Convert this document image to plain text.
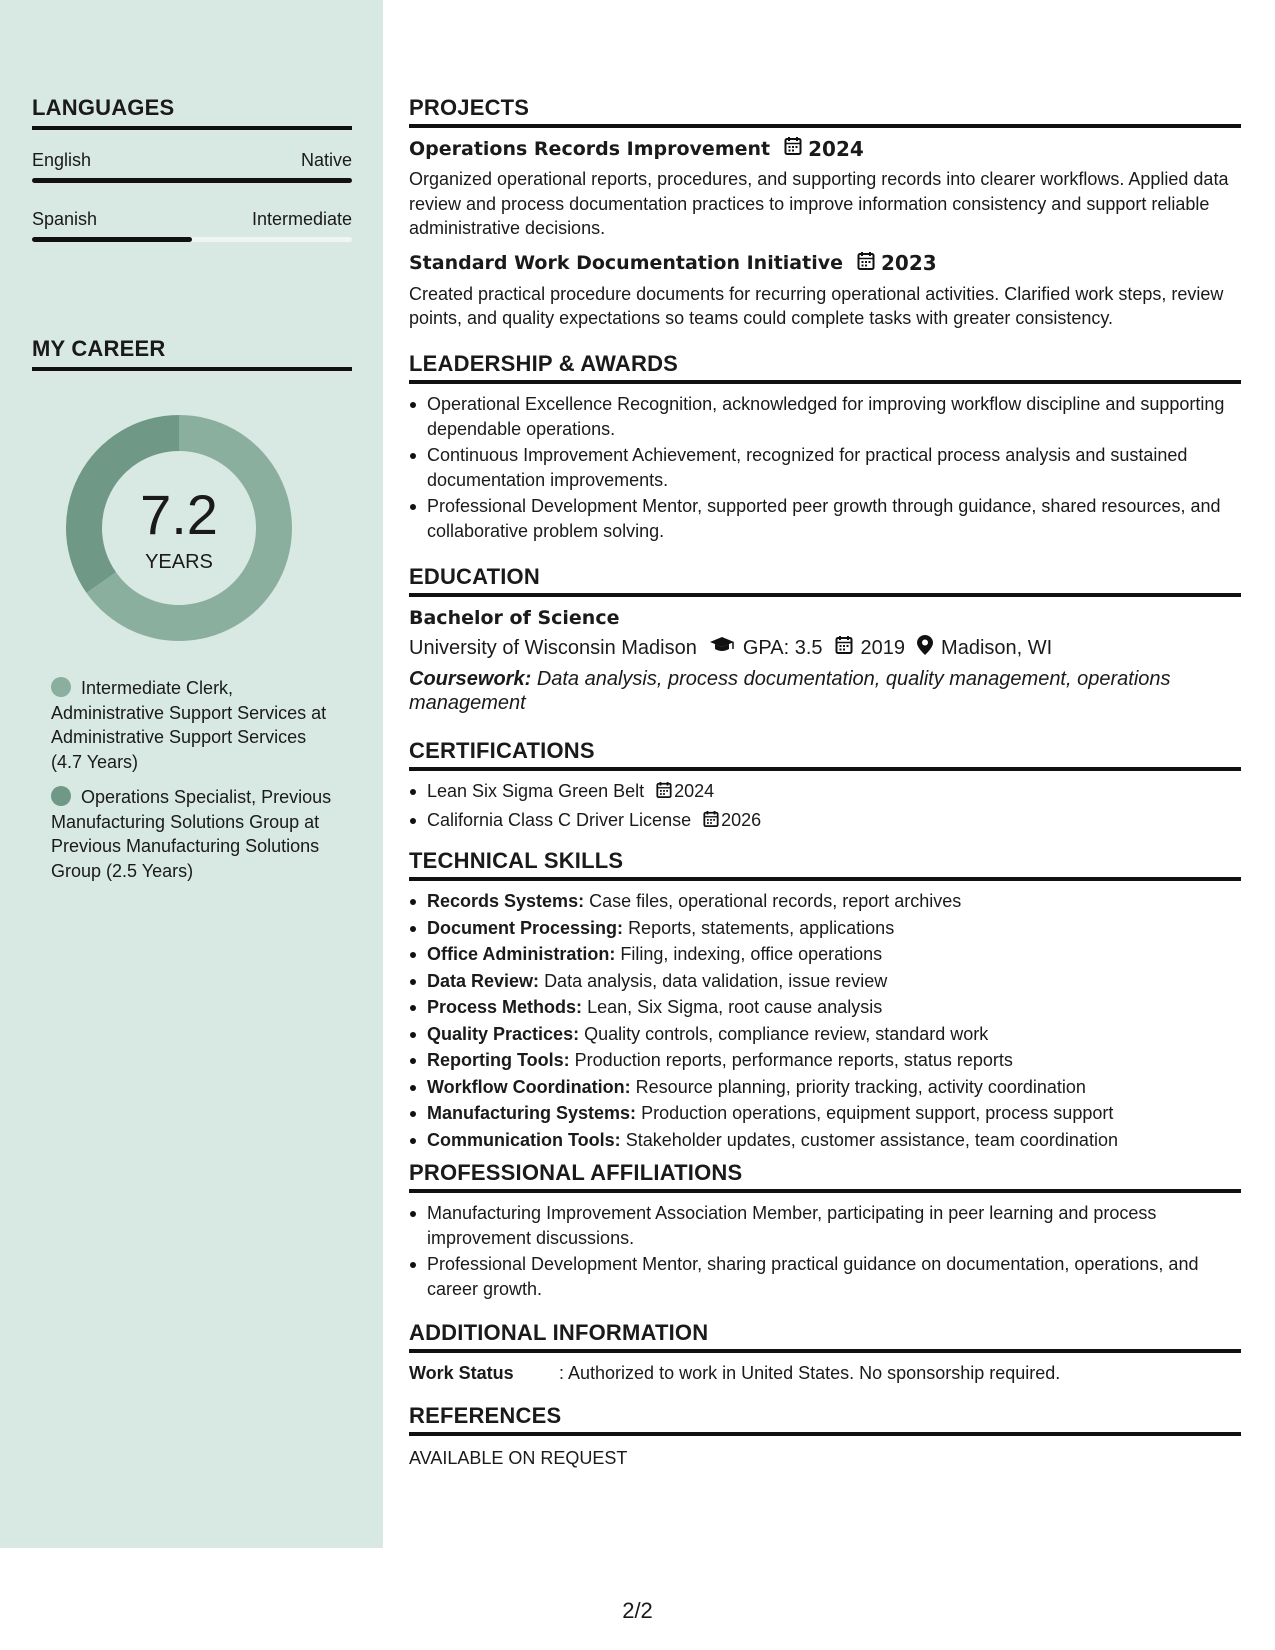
LANGUAGES
English	Native
Spanish	Intermediate
MY CAREER
7.2
YEARS
Intermediate Clerk, Administrative Support Services at Administrative Support Services (4.7 Years)
Operations Specialist, Previous Manufacturing Solutions Group at Previous Manufacturing Solutions Group (2.5 Years)
PROJECTS
Operations Records Improvement 2024

Organized operational reports, procedures, and supporting records into clearer workflows. Applied data review and process documentation practices to improve information consistency and support reliable administrative decisions.

Standard Work Documentation Initiative 2023

Created practical procedure documents for recurring operational activities. Clarified work steps, review points, and quality expectations so teams could complete tasks with greater consistency.

LEADERSHIP & AWARDS
Operational Excellence Recognition, acknowledged for improving workflow discipline and supporting dependable operations.
Continuous Improvement Achievement, recognized for practical process analysis and sustained documentation improvements.
Professional Development Mentor, supported peer growth through guidance, shared resources, and collaborative problem solving.
EDUCATION
Bachelor of Science
University of Wisconsin Madison GPA: 3.5 2019 Madison, WI
Coursework: Data analysis, process documentation, quality management, operations management
CERTIFICATIONS
Lean Six Sigma Green Belt 2024
California Class C Driver License 2026
TECHNICAL SKILLS
Records Systems: Case files, operational records, report archives
Document Processing: Reports, statements, applications
Office Administration: Filing, indexing, office operations
Data Review: Data analysis, data validation, issue review
Process Methods: Lean, Six Sigma, root cause analysis
Quality Practices: Quality controls, compliance review, standard work
Reporting Tools: Production reports, performance reports, status reports
Workflow Coordination: Resource planning, priority tracking, activity coordination
Manufacturing Systems: Production operations, equipment support, process support
Communication Tools: Stakeholder updates, customer assistance, team coordination
PROFESSIONAL AFFILIATIONS
Manufacturing Improvement Association Member, participating in peer learning and process improvement discussions.
Professional Development Mentor, sharing practical guidance on documentation, operations, and career growth.
ADDITIONAL INFORMATION
Work Status	: Authorized to work in United States. No sponsorship required.
REFERENCES
AVAILABLE ON REQUEST
2/2
